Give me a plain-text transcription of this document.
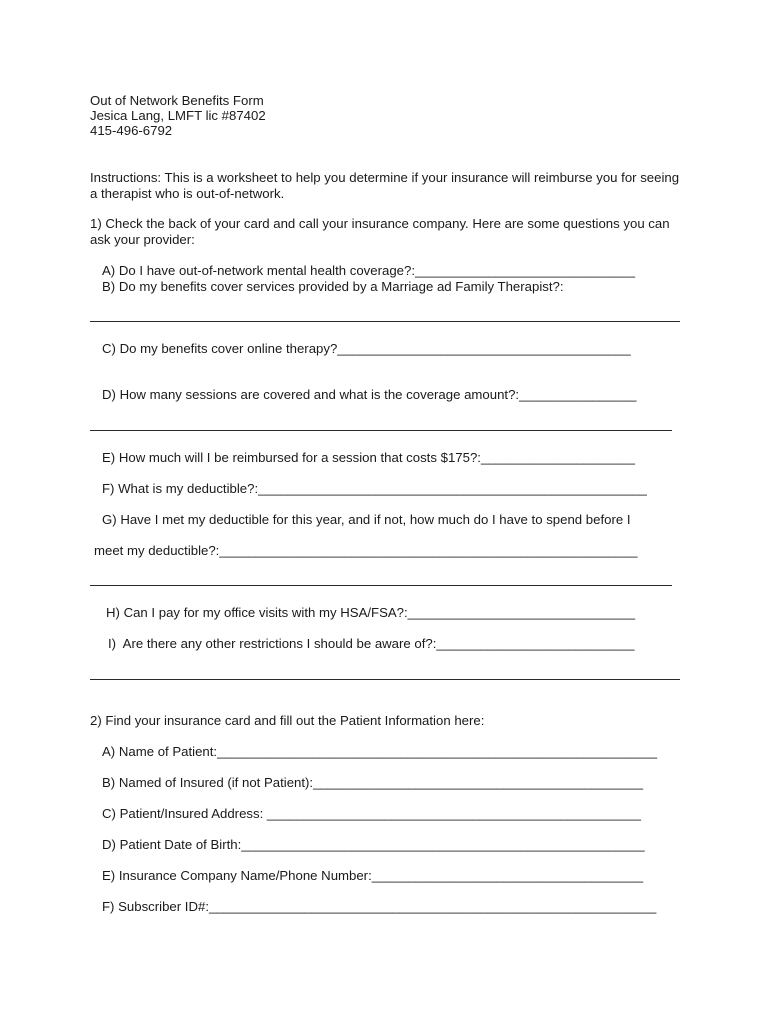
Out of Network Benefits Form
Jesica Lang, LMFT lic #87402
415-496-6792
Instructions: This is a worksheet to help you determine if your insurance will reimburse you for seeing a therapist who is out-of-network.
1) Check the back of your card and call your insurance company. Here are some questions you can ask your provider:
A) Do I have out-of-network mental health coverage?:______________________________
B) Do my benefits cover services provided by a Marriage ad Family Therapist?:
C) Do my benefits cover online therapy?________________________________________
D) How many sessions are covered and what is the coverage amount?:________________
E) How much will I be reimbursed for a session that costs $175?:_____________________
F) What is my deductible?:_____________________________________________________
G) Have I met my deductible for this year, and if not, how much do I have to spend before I
meet my deductible?:_________________________________________________________
H) Can I pay for my office visits with my HSA/FSA?:_______________________________
I)  Are there any other restrictions I should be aware of?:___________________________
2) Find your insurance card and fill out the Patient Information here:
A) Name of Patient:____________________________________________________________
B) Named of Insured (if not Patient):_____________________________________________
C) Patient/Insured Address: ___________________________________________________
D) Patient Date of Birth:_______________________________________________________
E) Insurance Company Name/Phone Number:_____________________________________
F) Subscriber ID#:_____________________________________________________________
